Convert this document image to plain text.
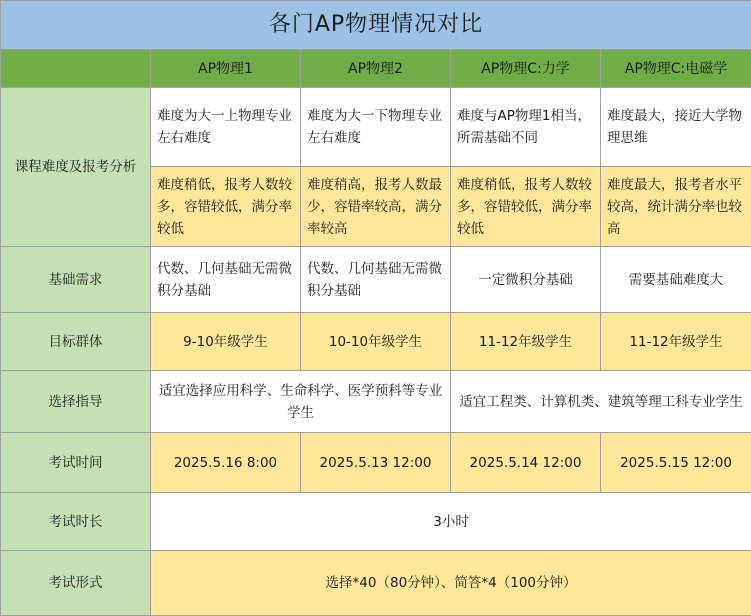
各门AP物理情况对比				
	AP物理1	AP物理2	AP物理C:力学	AP物理C:电磁学
课程难度及报考分析	难度为大一上物理专业左右难度	难度为大一下物理专业左右难度	难度与AP物理1相当，所需基础不同	难度最大，接近大学物理思维
	难度稍低，报考人数较多，容错较低，满分率较低	难度稍高，报考人数最少，容错率较高，满分率较高	难度稍低，报考人数较多，容错较低，满分率较低	难度最大，报考者水平较高，统计满分率也较高
基础需求	代数、几何基础无需微积分基础	代数、几何基础无需微积分基础	一定微积分基础	需要基础难度大
目标群体	9-10年级学生	10-10年级学生	11-12年级学生	11-12年级学生
选择指导	适宜选择应用科学、生命科学、医学预科等专业学生		适宜工程类、计算机类、建筑等理工科专业学生	
考试时间	2025.5.16 8:00	2025.5.13 12:00	2025.5.14 12:00	2025.5.15 12:00
考试时长	3小时			
考试形式	选择*40（80分钟）、简答*4（100分钟）			
